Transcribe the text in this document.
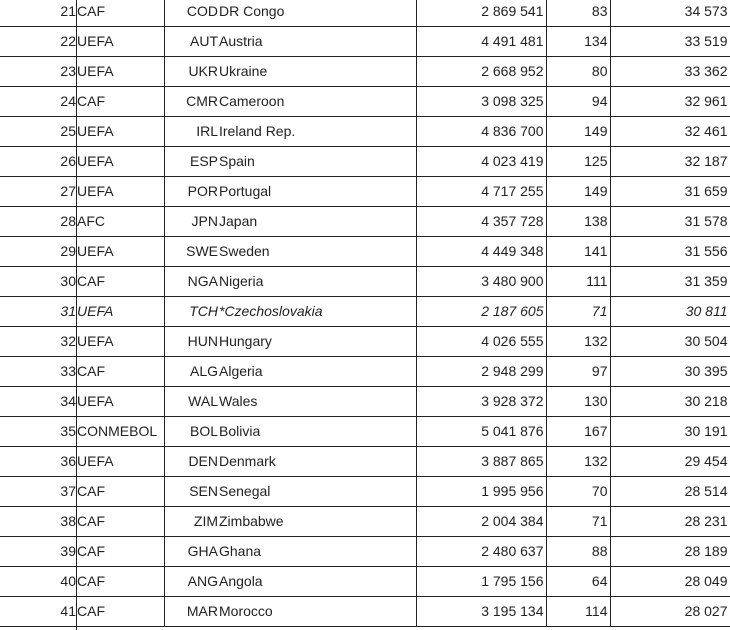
21	CAF	COD	DR Congo	2 869 541	83	34 573
22	UEFA	AUT	Austria	4 491 481	134	33 519
23	UEFA	UKR	Ukraine	2 668 952	80	33 362
24	CAF	CMR	Cameroon	3 098 325	94	32 961
25	UEFA	IRL	Ireland Rep.	4 836 700	149	32 461
26	UEFA	ESP	Spain	4 023 419	125	32 187
27	UEFA	POR	Portugal	4 717 255	149	31 659
28	AFC	JPN	Japan	4 357 728	138	31 578
29	UEFA	SWE	Sweden	4 449 348	141	31 556
30	CAF	NGA	Nigeria	3 480 900	111	31 359
31	UEFA	TCH	*Czechoslovakia	2 187 605	71	30 811
32	UEFA	HUN	Hungary	4 026 555	132	30 504
33	CAF	ALG	Algeria	2 948 299	97	30 395
34	UEFA	WAL	Wales	3 928 372	130	30 218
35	CONMEBOL	BOL	Bolivia	5 041 876	167	30 191
36	UEFA	DEN	Denmark	3 887 865	132	29 454
37	CAF	SEN	Senegal	1 995 956	70	28 514
38	CAF	ZIM	Zimbabwe	2 004 384	71	28 231
39	CAF	GHA	Ghana	2 480 637	88	28 189
40	CAF	ANG	Angola	1 795 156	64	28 049
41	CAF	MAR	Morocco	3 195 134	114	28 027
